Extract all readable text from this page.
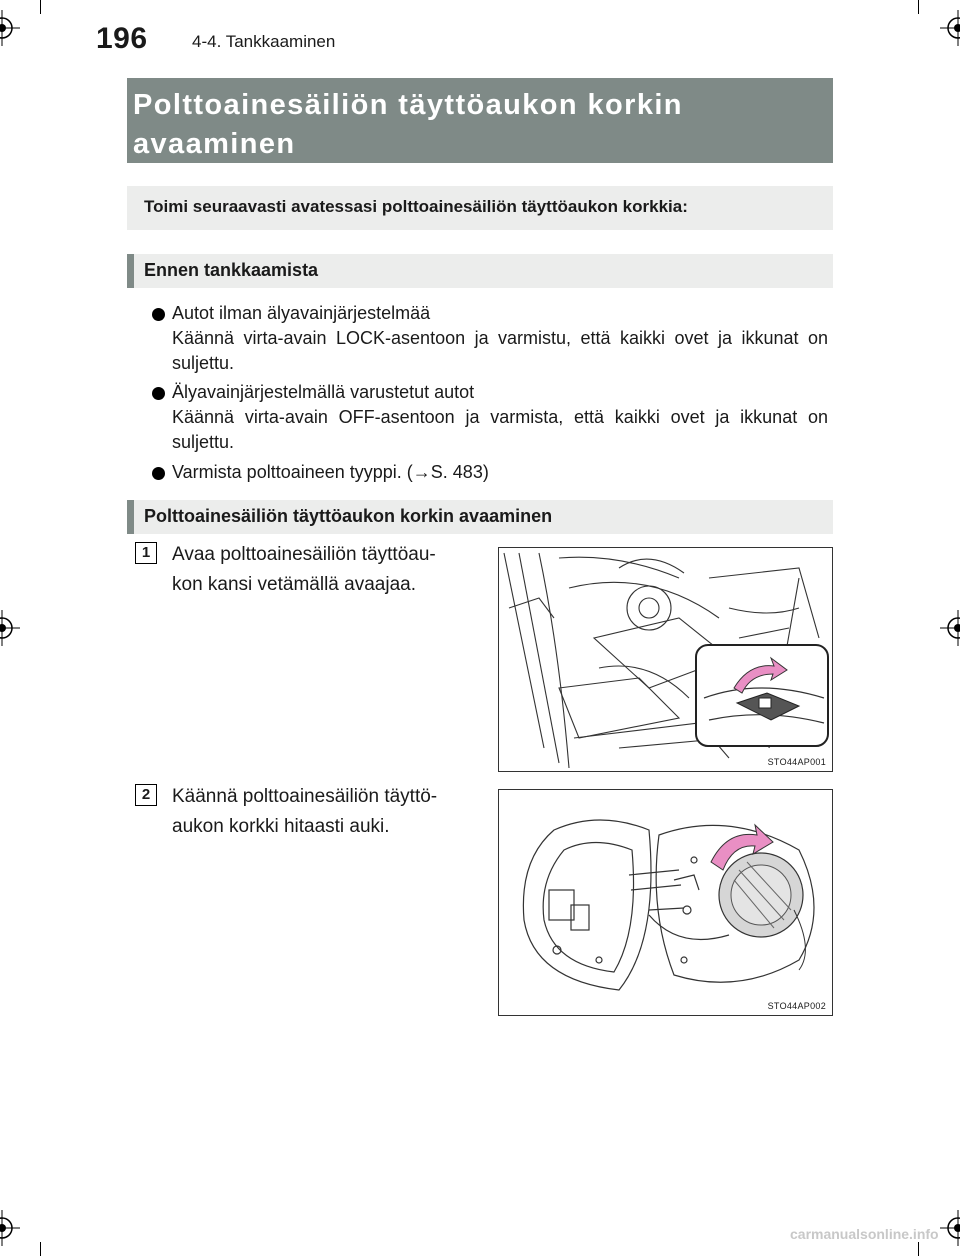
196	4-4. Tankkaaminen

Polttoainesäiliön täyttöaukon korkin

avaaminen

Toimi seuraavasti avatessasi polttoainesäiliön täyttöaukon korkkia:
Ennen tankkaamista
Autot ilman älyavainjärjestelmää
Käännä virta-avain LOCK-asentoon ja varmistu, että kaikki ovet ja ikkunat on suljettu.
Älyavainjärjestelmällä varustetut autot
Käännä virta-avain OFF-asentoon ja varmista, että kaikki ovet ja ikkunat on suljettu.
Varmista polttoaineen tyyppi. (→S. 483)
Polttoainesäiliön täyttöaukon korkin avaaminen
1	Avaa polttoainesäiliön täyttöau-
kon kansi vetämällä avaajaa.
STO44AP001
2	Käännä polttoainesäiliön täyttö-
aukon korkki hitaasti auki.
STO44AP002
carmanualsonline.info
